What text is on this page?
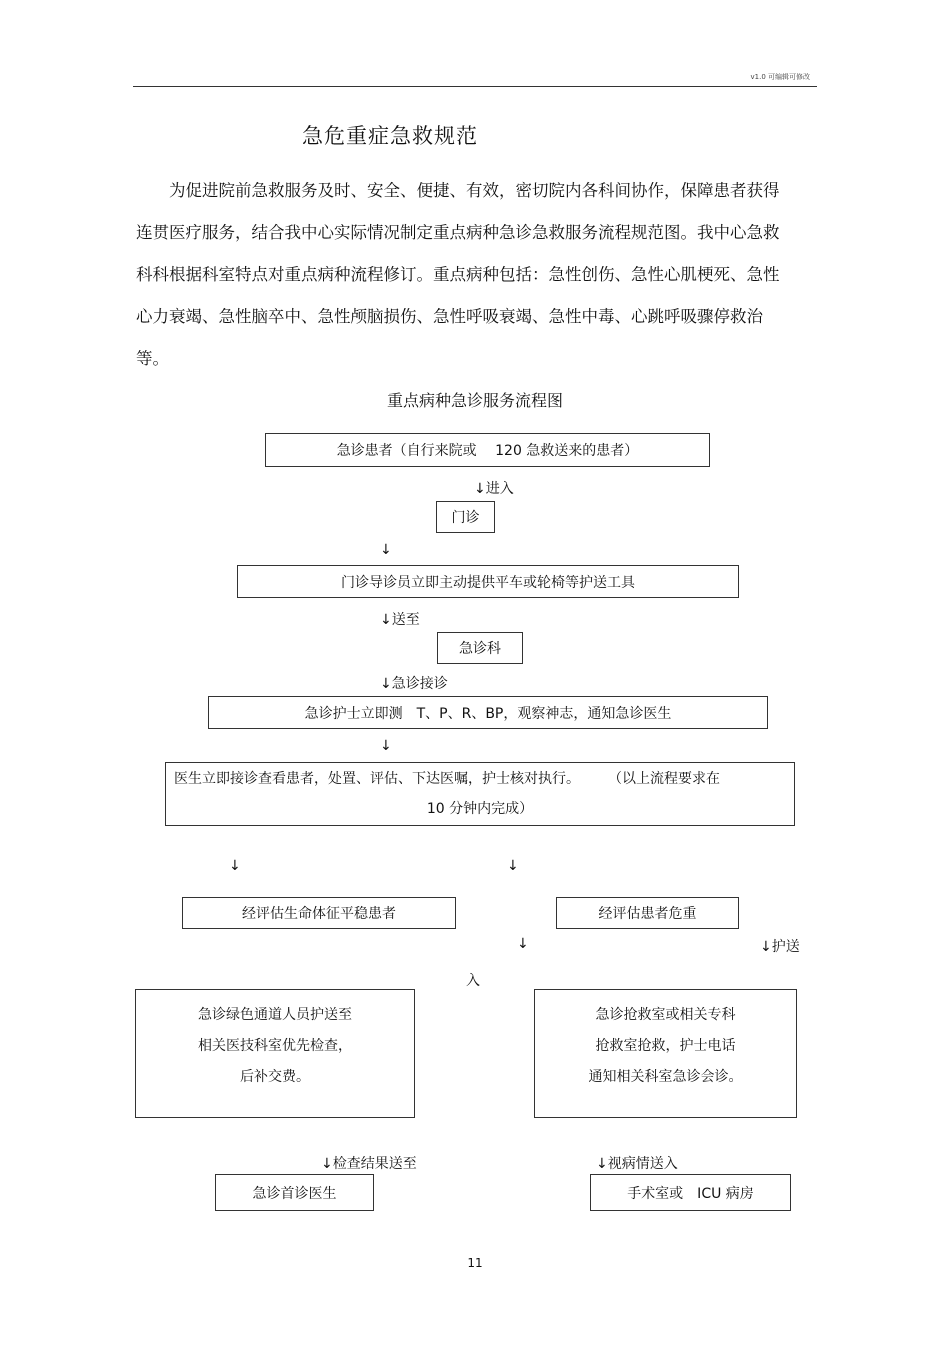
v1.0 可编辑可修改
急危重症急救规范

为促进院前急救服务及时、安全、便捷、有效，密切院内各科间协作，保障患者获得连贯医疗服务，结合我中心实际情况制定重点病种急诊急救服务流程规范图。我中心急救科科根据科室特点对重点病种流程修订。重点病种包括：急性创伤、急性心肌梗死、急性心力衰竭、急性脑卒中、急性颅脑损伤、急性呼吸衰竭、急性中毒、心跳呼吸骤停救治等。

重点病种急诊服务流程图
急诊患者（自行来院或　 120 急救送来的患者）
↓进入
门诊
↓
门诊导诊员立即主动提供平车或轮椅等护送工具
↓送至
急诊科
↓急诊接诊
急诊护士立即测　T、P、R、BP，观察神志，通知急诊医生
↓
医生立即接诊查看患者，处置、评估、下达医嘱，护士核对执行。　　　（以上流程要求在
10 分钟内完成）
↓	↓
经评估生命体征平稳患者	经评估患者危重
↓	↓护送
入
急诊绿色通道人员护送至
相关医技科室优先检查，
后补交费。
急诊抢救室或相关专科
抢救室抢救，护士电话
通知相关科室急诊会诊。
↓检查结果送至	↓视病情送入
急诊首诊医生	手术室或　ICU 病房
11
